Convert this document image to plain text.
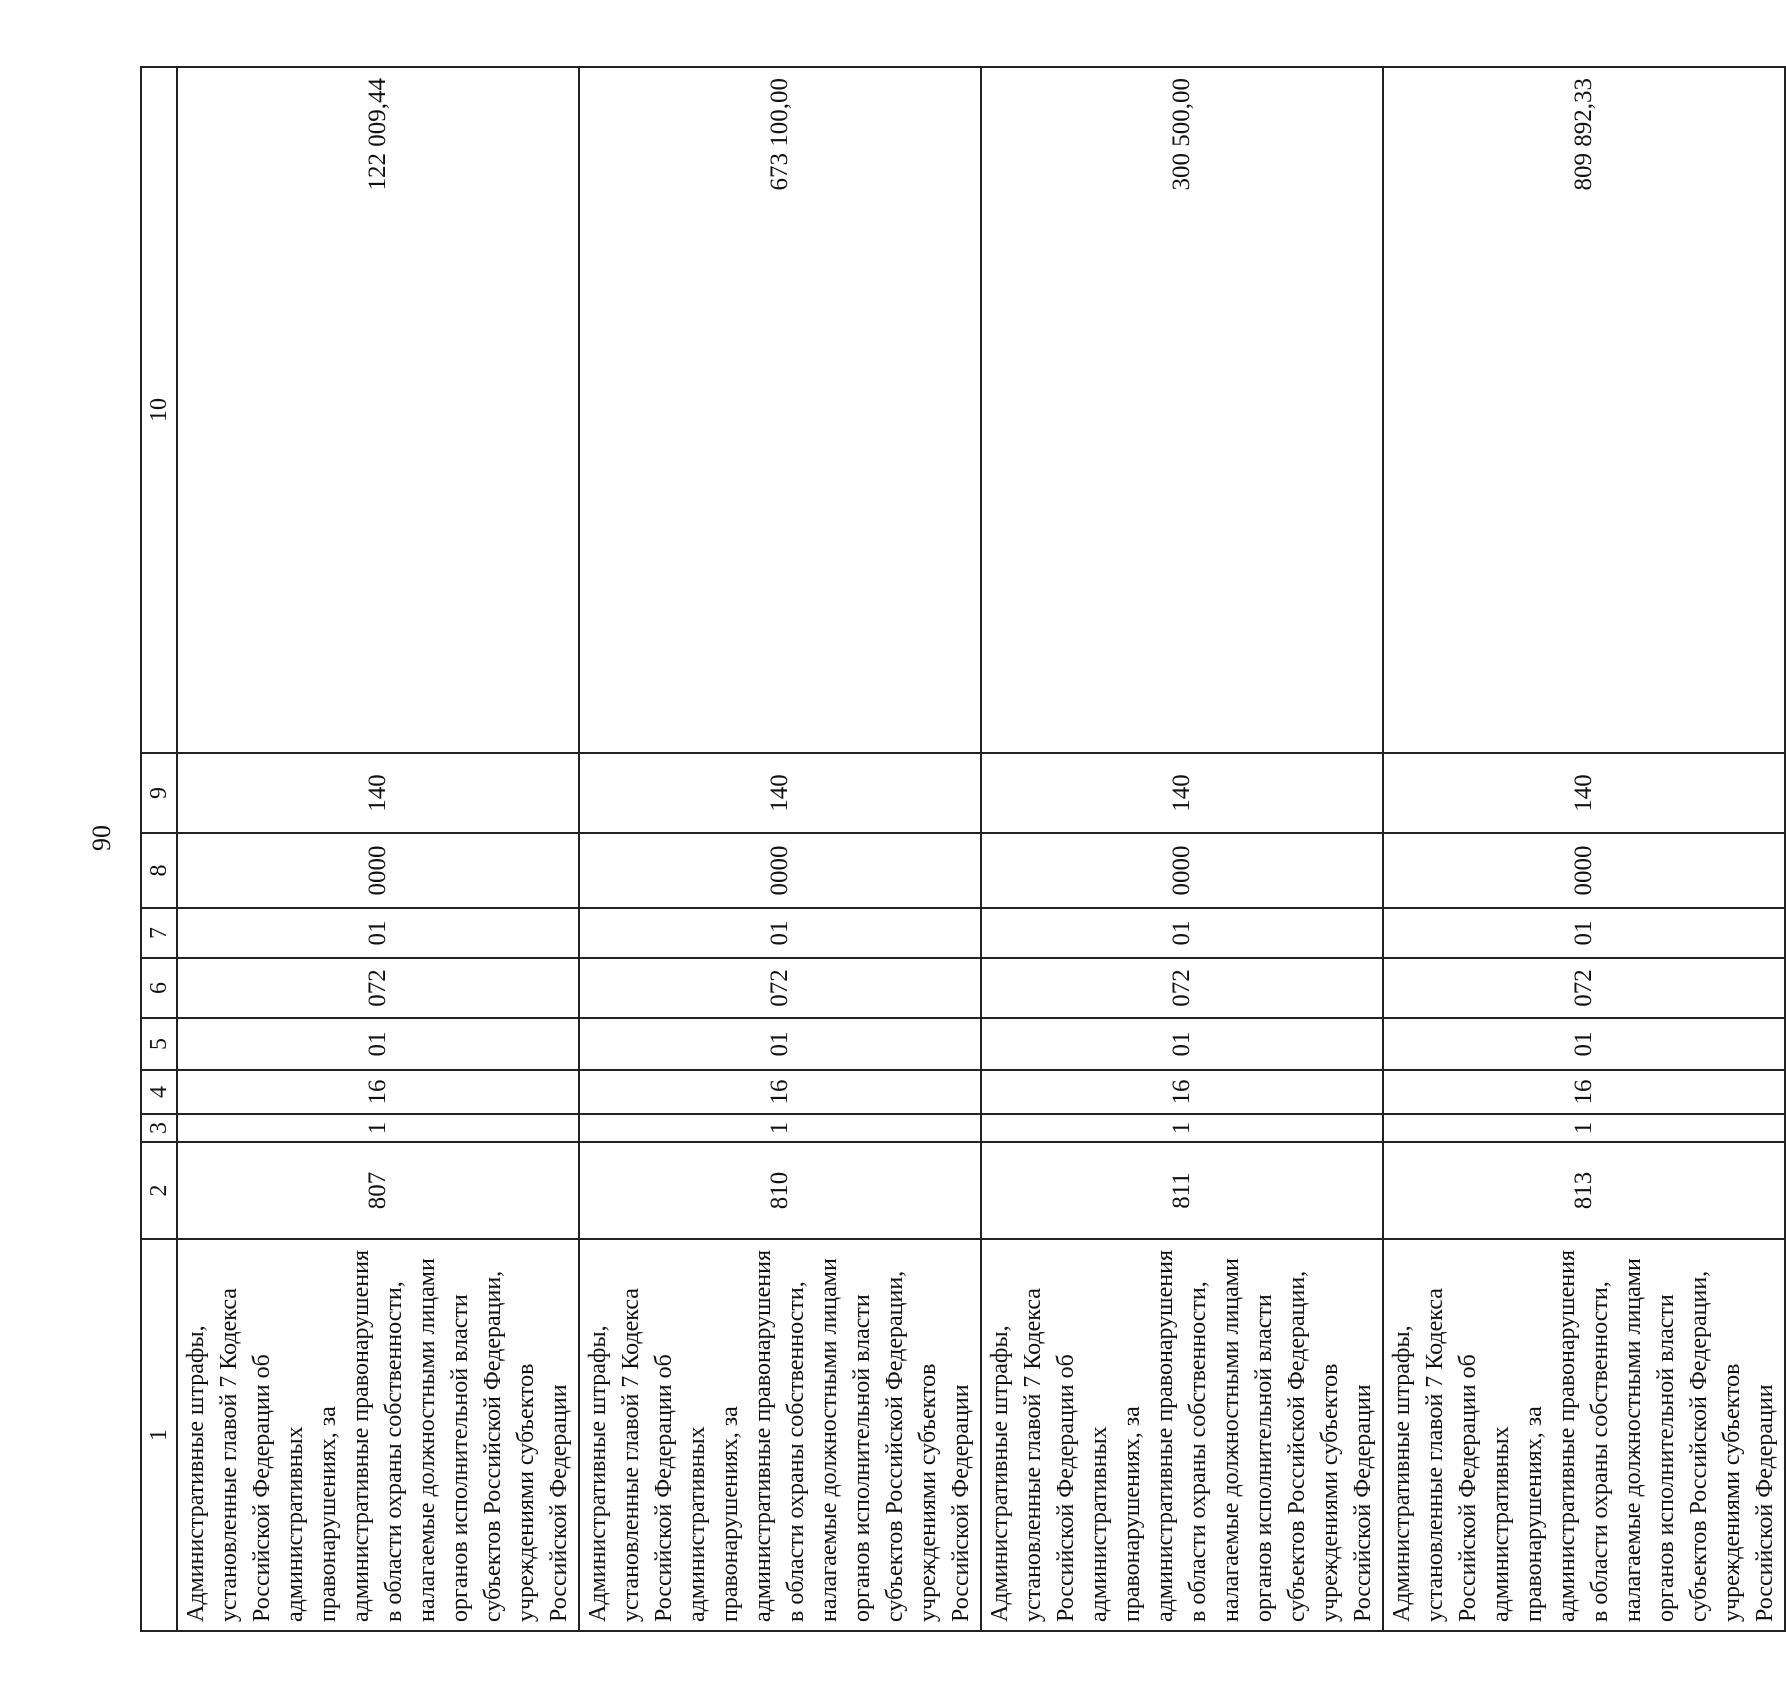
90
1	2	3	4	5	6	7	8	9	10
Административные штрафы, установленные главой 7 Кодекса Российской Федерации об административных правонарушениях, за административные правонарушения в области охраны собственности, налагаемые должностными лицами органов исполнительной власти субъектов Российской Федерации, учреждениями субъектов Российской Федерации	807	1	16	01	072	01	0000	140	122 009,44
Административные штрафы, установленные главой 7 Кодекса Российской Федерации об административных правонарушениях, за административные правонарушения в области охраны собственности, налагаемые должностными лицами органов исполнительной власти субъектов Российской Федерации, учреждениями субъектов Российской Федерации	810	1	16	01	072	01	0000	140	673 100,00
Административные штрафы, установленные главой 7 Кодекса Российской Федерации об административных правонарушениях, за административные правонарушения в области охраны собственности, налагаемые должностными лицами органов исполнительной власти субъектов Российской Федерации, учреждениями субъектов Российской Федерации	811	1	16	01	072	01	0000	140	300 500,00
Административные штрафы, установленные главой 7 Кодекса Российской Федерации об административных правонарушениях, за административные правонарушения в области охраны собственности, налагаемые должностными лицами органов исполнительной власти субъектов Российской Федерации, учреждениями субъектов Российской Федерации	813	1	16	01	072	01	0000	140	809 892,33
